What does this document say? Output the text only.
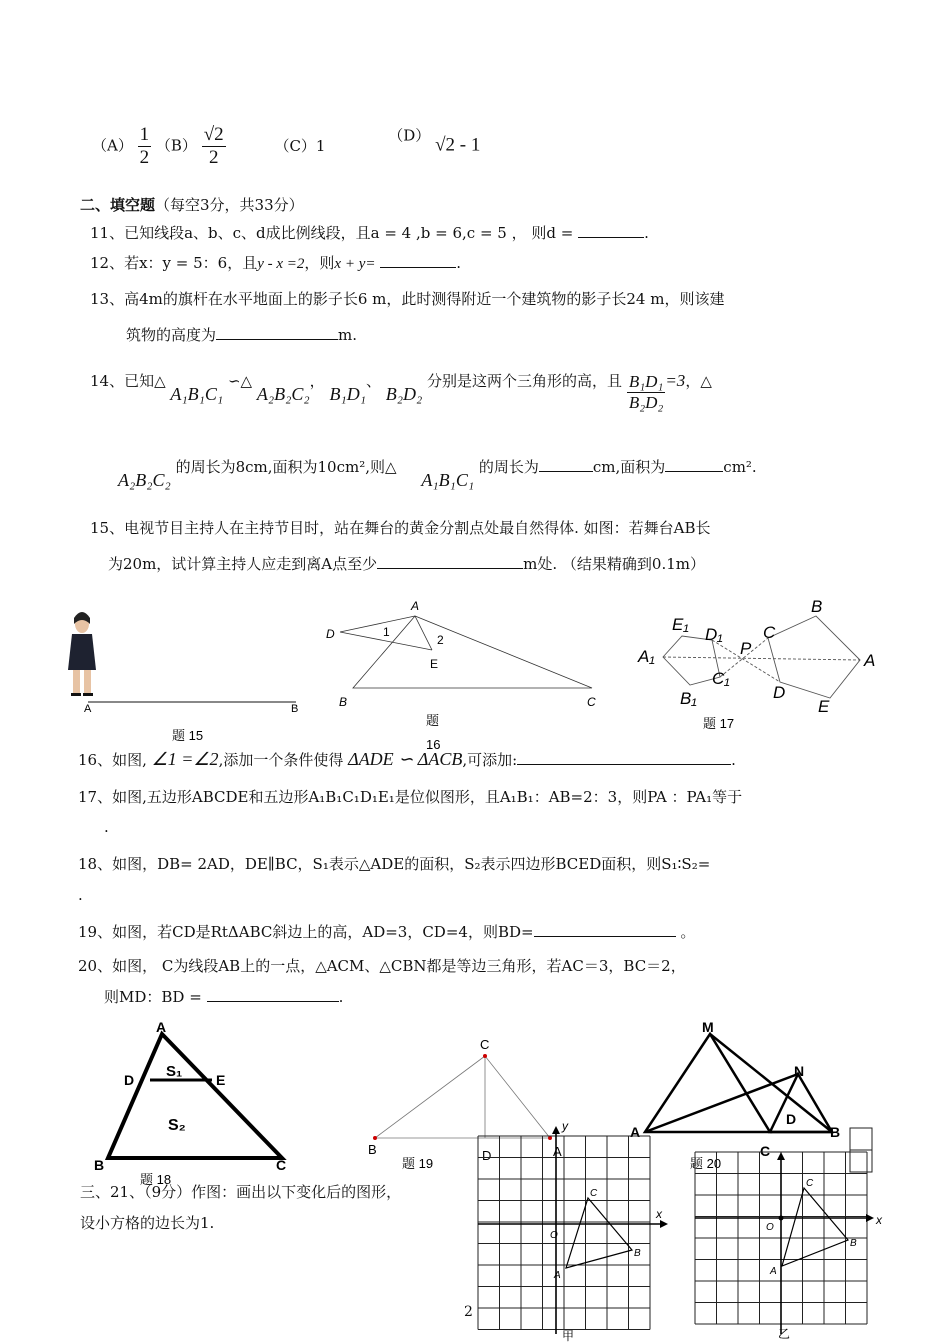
$(A) \frac{1}{2} (B) \frac{√2}{2}$	（C）1 （D） √2 - 1
二、填空题（每空3分，共33分）
11、已知线段a、b、c、d成比例线段，且a = 4 ,b = 6,c = 5 ， 则d =	.
12、若x：y = 5：6，且y - x =2，则x + y=	.
13、高4m的旗杆在水平地面上的影子长6 m，此时测得附近一个建筑物的影子长24 m，则该建
筑物的高度为	m.
14、已知△ A₁B₁C₁ ∽△ A₂B₂C₂， B₁D₁、 B₂D₂ 分别是这两个三角形的高，且 $\frac{\text{B₁D₁}}{\text{B₂D₂}} =3$，△
A₂B₂C₂ 的周长为8cm,面积为10cm²,则△ A₁B₁C₁ 的周长为	cm,面积为	cm².
15、电视节目主持人在主持节目时，站在舞台的黄金分割点处最自然得体. 如图：若舞台AB长
为20m，试计算主持人应走到离A点至少	m处. （结果精确到0.1m）
A	B
题 15
A
D	1
2
E
B	C
题
16
E₁
D₁
A₁	P
C₁
B₁
B
C
A
D
E
题 17
16、如图, ∠1 =∠2,添加一个条件使得 ΔADE ∽ ΔACB,可添加:	.
17、如图,五边形ABCDE和五边形A₁B₁C₁D₁E₁是位似图形，且A₁B₁：AB=2：3，则PA ：PA₁等于
.
18、如图，DB= 2AD，DE∥BC，S₁表示△ADE的面积，S₂表示四边形BCED面积，则S₁∶S₂=
.
19、如图，若CD是RtΔABC斜边上的高，AD=3，CD=4，则BD=	。
20、如图， C为线段AB上的一点，△ACM、△CBN都是等边三角形，若AC＝3，BC＝2，
则MD：BD =	.
A
D	E
S₁
S₂
B	C
题 18
C
B	D	A
题 19
M
N
D
A
C
B
题 20
三、21、（9分）作图：画出以下变化后的图形，
设小方格的边长为1.
y
x
O
C
B
A
x
O
C
B
A
甲	乙
2
